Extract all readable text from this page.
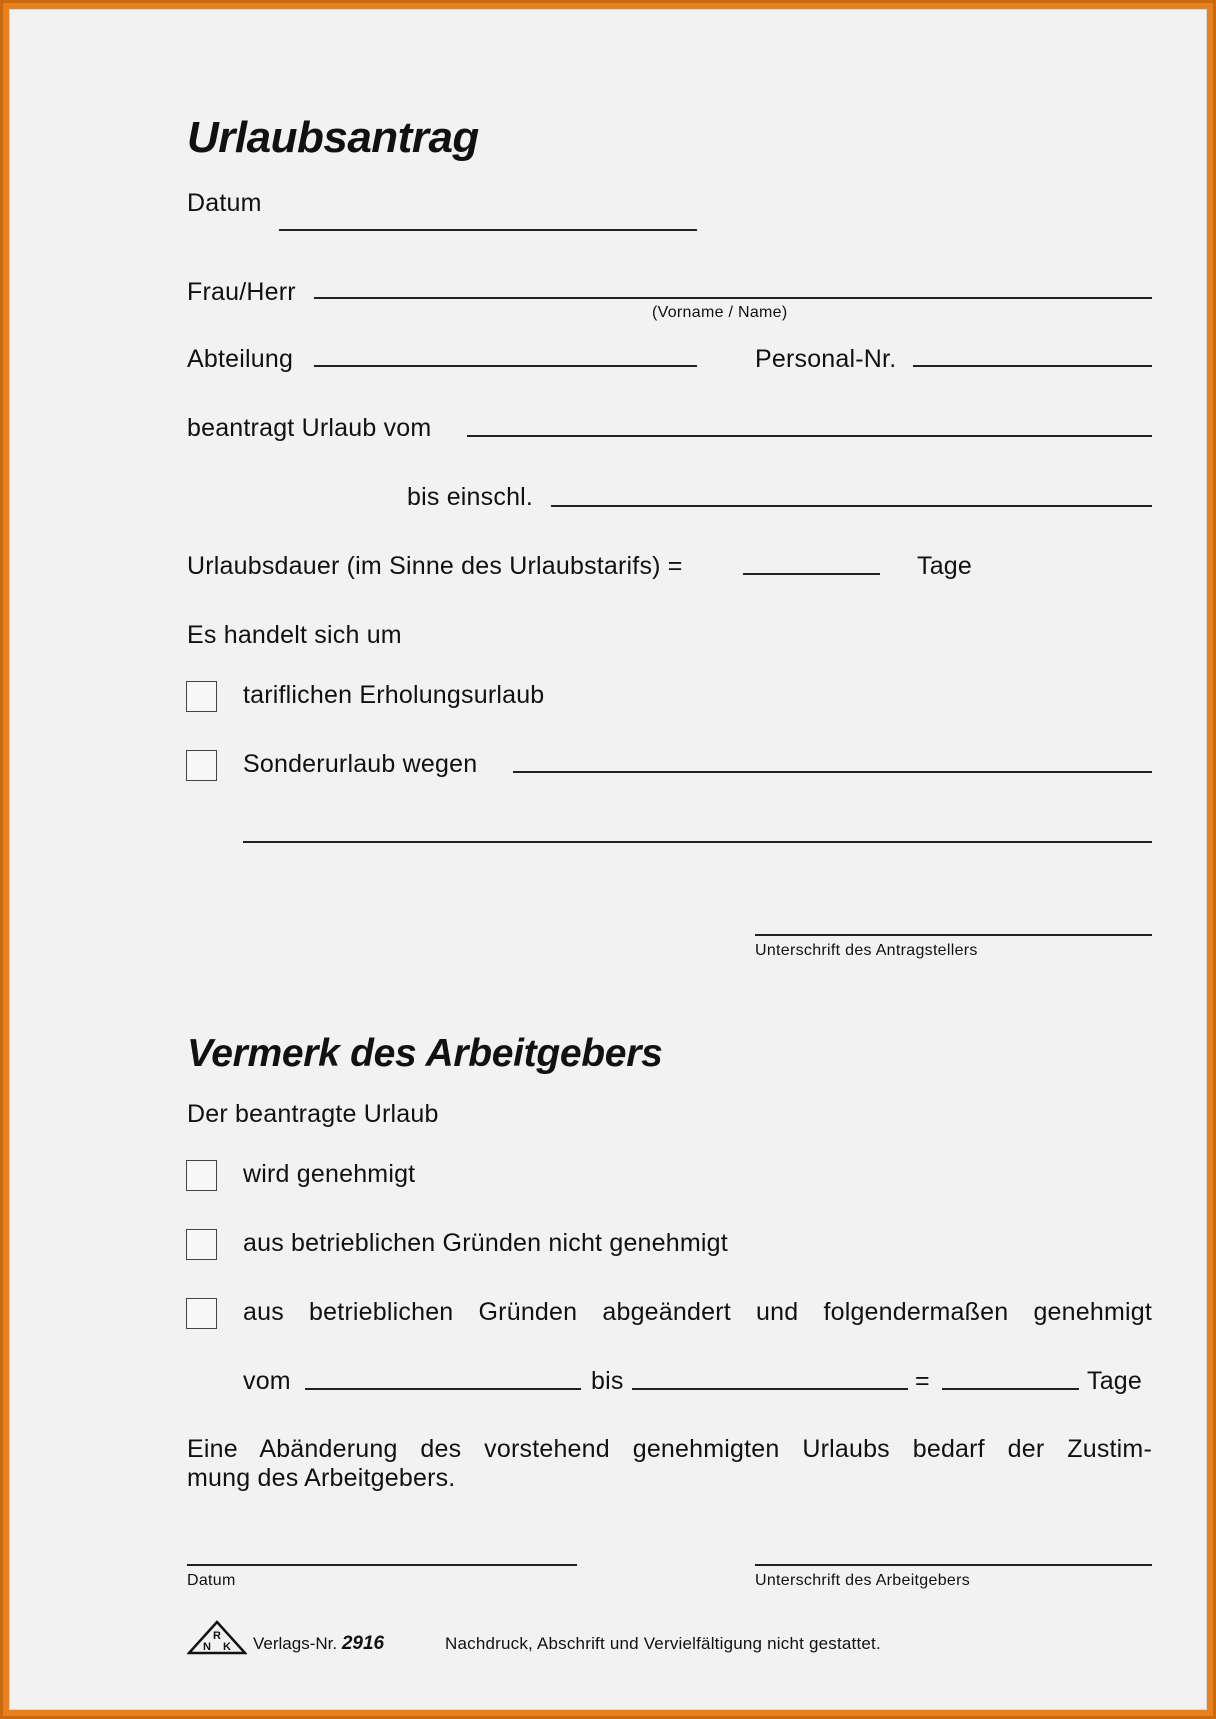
Urlaubsantrag
Datum
Frau/Herr
(Vorname / Name)
Abteilung	Personal-Nr.
beantragt Urlaub vom
bis einschl.
Urlaubsdauer (im Sinne des Urlaubstarifs) =	Tage
Es handelt sich um
tariflichen Erholungsurlaub
Sonderurlaub wegen
Unterschrift des Antragstellers
Vermerk des Arbeitgebers
Der beantragte Urlaub
wird genehmigt
aus betrieblichen Gründen nicht genehmigt
aus betrieblichen Gründen abgeändert und folgendermaßen genehmigt
vom	bis	=	Tage
Eine Abänderung des vorstehend genehmigten Urlaubs bedarf der Zustim-
mung des Arbeitgebers.
Datum	Unterschrift des Arbeitgebers
R
N K Verlags-Nr. 2916	Nachdruck, Abschrift und Vervielfältigung nicht gestattet.
